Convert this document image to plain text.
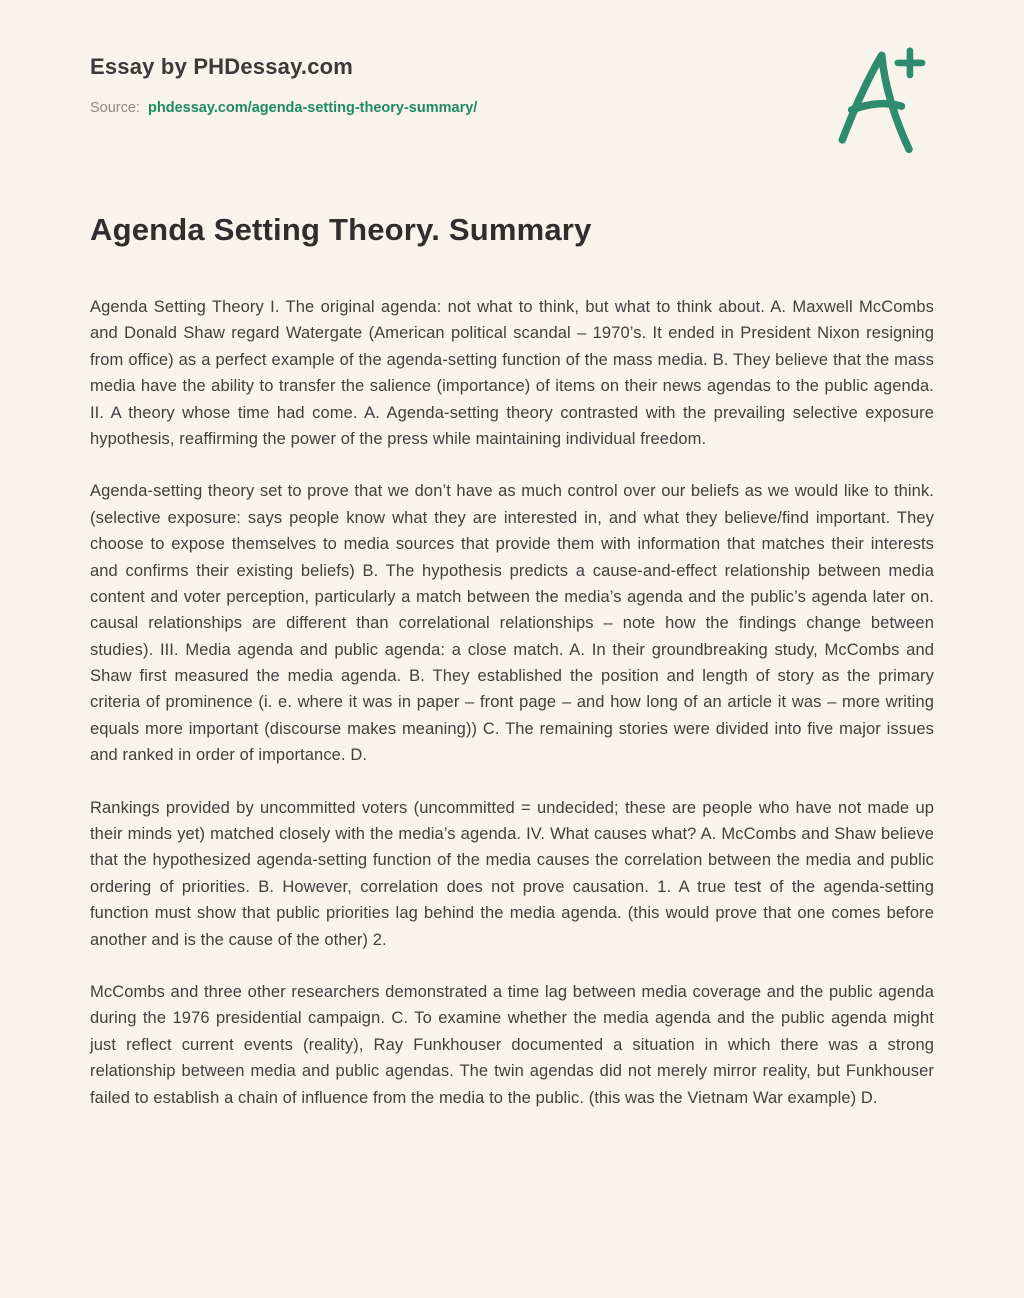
Essay by PHDessay.com
Source: phdessay.com/agenda-setting-theory-summary/
Agenda Setting Theory. Summary

Agenda Setting Theory I. The original agenda: not what to think, but what to think about. A. Maxwell McCombs and Donald Shaw regard Watergate (American political scandal – 1970’s. It ended in President Nixon resigning from office) as a perfect example of the agenda-setting function of the mass media. B. They believe that the mass media have the ability to transfer the salience (importance) of items on their news agendas to the public agenda. II. A theory whose time had come. A. Agenda-setting theory contrasted with the prevailing selective exposure hypothesis, reaffirming the power of the press while maintaining individual freedom.

Agenda-setting theory set to prove that we don’t have as much control over our beliefs as we would like to think. (selective exposure: says people know what they are interested in, and what they believe/find important. They choose to expose themselves to media sources that provide them with information that matches their interests and confirms their existing beliefs) B. The hypothesis predicts a cause-and-effect relationship between media content and voter perception, particularly a match between the media’s agenda and the public’s agenda later on. causal relationships are different than correlational relationships – note how the findings change between studies). III. Media agenda and public agenda: a close match. A. In their groundbreaking study, McCombs and Shaw first measured the media agenda. B. They established the position and length of story as the primary criteria of prominence (i. e. where it was in paper – front page – and how long of an article it was – more writing equals more important (discourse makes meaning)) C. The remaining stories were divided into five major issues and ranked in order of importance. D.

Rankings provided by uncommitted voters (uncommitted = undecided; these are people who have not made up their minds yet) matched closely with the media’s agenda. IV. What causes what? A. McCombs and Shaw believe that the hypothesized agenda-setting function of the media causes the correlation between the media and public ordering of priorities. B. However, correlation does not prove causation. 1. A true test of the agenda-setting function must show that public priorities lag behind the media agenda. (this would prove that one comes before another and is the cause of the other) 2.

McCombs and three other researchers demonstrated a time lag between media coverage and the public agenda during the 1976 presidential campaign. C. To examine whether the media agenda and the public agenda might just reflect current events (reality), Ray Funkhouser documented a situation in which there was a strong relationship between media and public agendas. The twin agendas did not merely mirror reality, but Funkhouser failed to establish a chain of influence from the media to the public. (this was the Vietnam War example) D.
